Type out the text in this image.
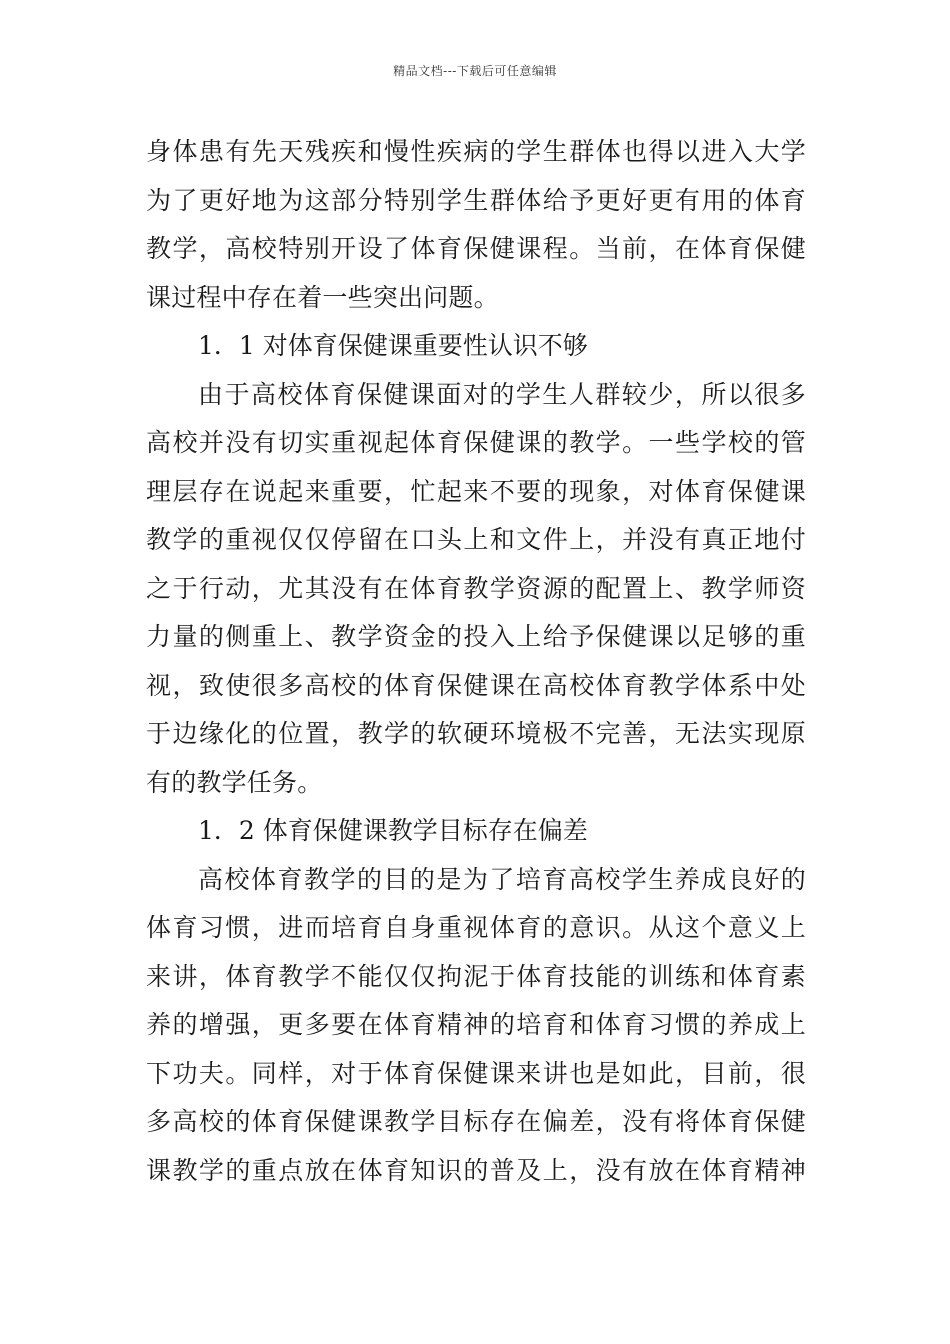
精品文档---下载后可任意编辑
身体患有先天残疾和慢性疾病的学生群体也得以进入大学
为了更好地为这部分特别学生群体给予更好更有用的体育
教学，高校特别开设了体育保健课程。当前，在体育保健
课过程中存在着一些突出问题。
1．1 对体育保健课重要性认识不够
由于高校体育保健课面对的学生人群较少，所以很多
高校并没有切实重视起体育保健课的教学。一些学校的管
理层存在说起来重要，忙起来不要的现象，对体育保健课
教学的重视仅仅停留在口头上和文件上，并没有真正地付
之于行动，尤其没有在体育教学资源的配置上、教学师资
力量的侧重上、教学资金的投入上给予保健课以足够的重
视，致使很多高校的体育保健课在高校体育教学体系中处
于边缘化的位置，教学的软硬环境极不完善，无法实现原
有的教学任务。
1．2 体育保健课教学目标存在偏差
高校体育教学的目的是为了培育高校学生养成良好的
体育习惯，进而培育自身重视体育的意识。从这个意义上
来讲，体育教学不能仅仅拘泥于体育技能的训练和体育素
养的增强，更多要在体育精神的培育和体育习惯的养成上
下功夫。同样，对于体育保健课来讲也是如此，目前，很
多高校的体育保健课教学目标存在偏差，没有将体育保健
课教学的重点放在体育知识的普及上，没有放在体育精神
